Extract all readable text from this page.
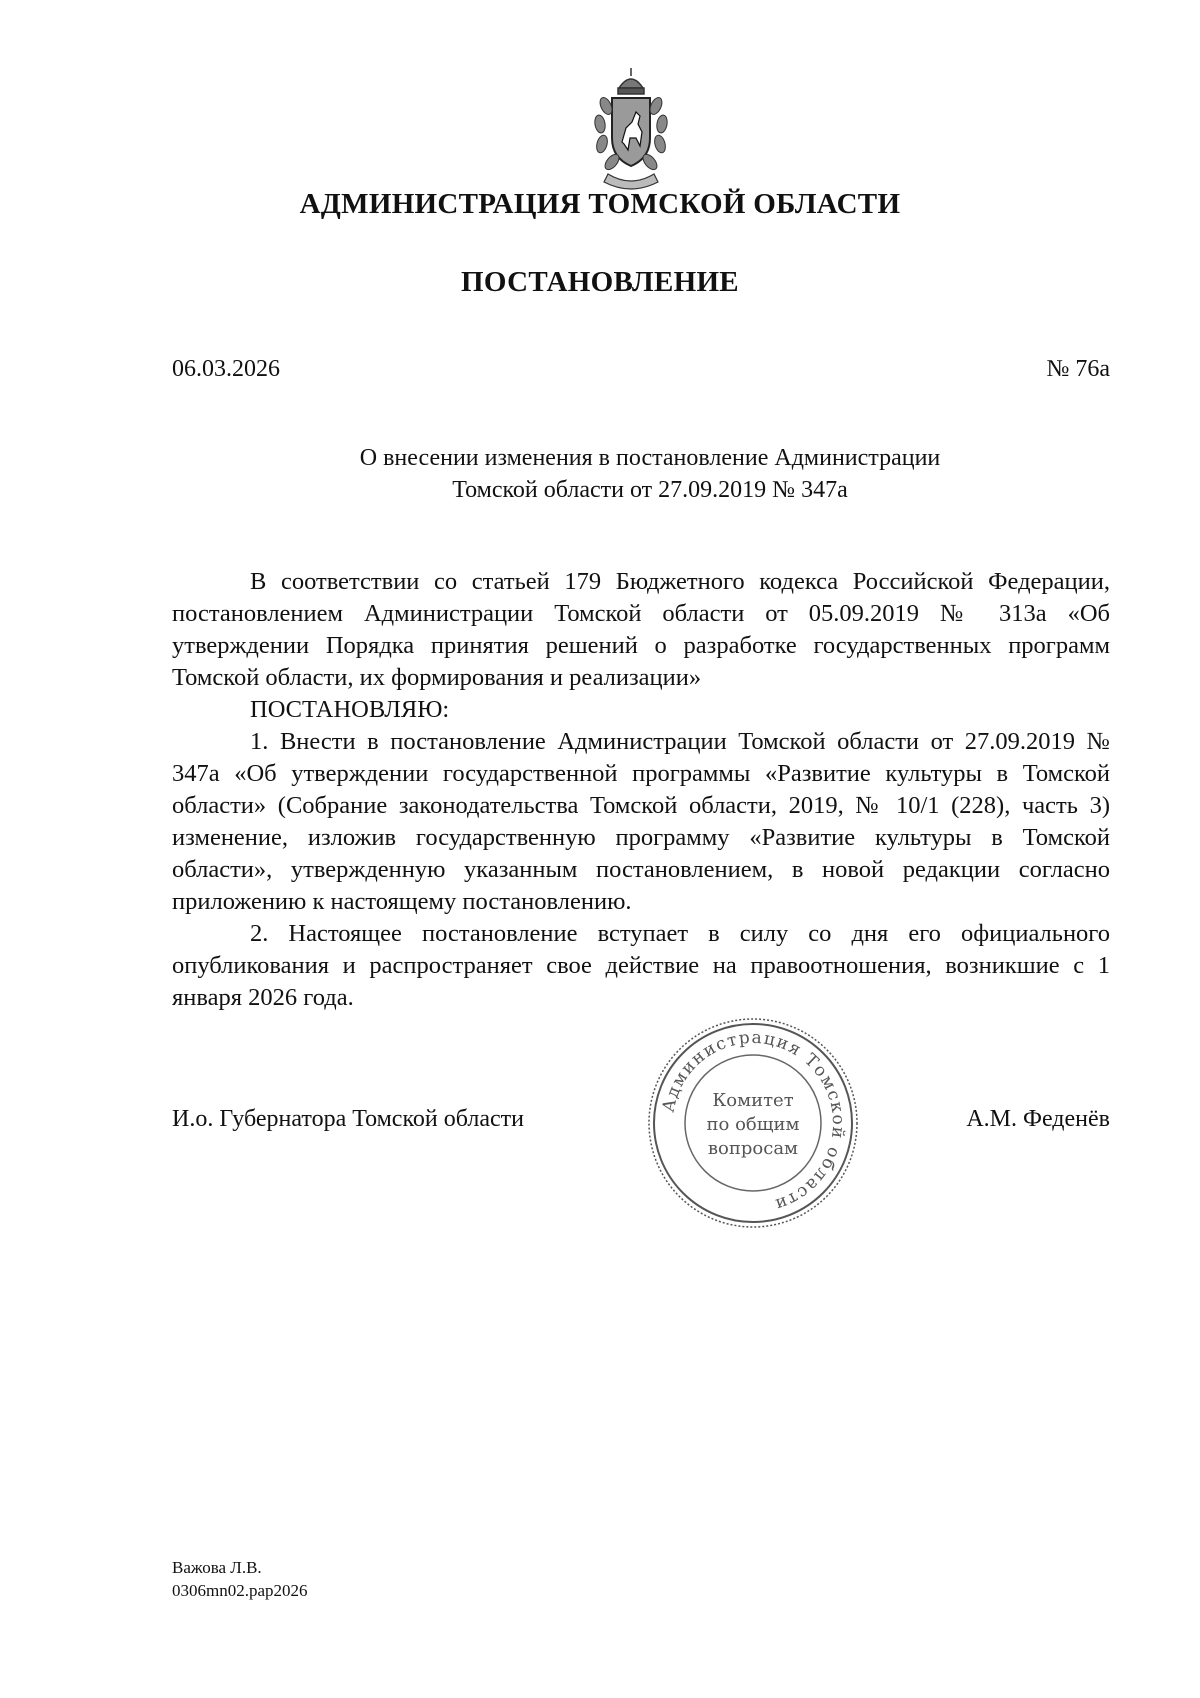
АДМИНИСТРАЦИЯ ТОМСКОЙ ОБЛАСТИ
ПОСТАНОВЛЕНИЕ
06.03.2026	№ 76а
О внесении изменения в постановление Администрации
Томской области от 27.09.2019 № 347а

В соответствии со статьей 179 Бюджетного кодекса Российской Федерации, постановлением Администрации Томской области от 05.09.2019 № 313а «Об утверждении Порядка принятия решений о разработке государственных программ Томской области, их формирования и реализации»

ПОСТАНОВЛЯЮ:

1. Внести в постановление Администрации Томской области от 27.09.2019 № 347а «Об утверждении государственной программы «Развитие культуры в Томской области» (Собрание законодательства Томской области, 2019, № 10/1 (228), часть 3) изменение, изложив государственную программу «Развитие культуры в Томской области», утвержденную указанным постановлением, в новой редакции согласно приложению к настоящему постановлению.

2. Настоящее постановление вступает в силу со дня его официального опубликования и распространяет свое действие на правоотношения, возникшие с 1 января 2026 года.

И.о. Губернатора Томской области
Администрация Томской области
Комитет
по общим
вопросам
А.М. Феденёв
Важова Л.В.
0306mn02.pap2026
